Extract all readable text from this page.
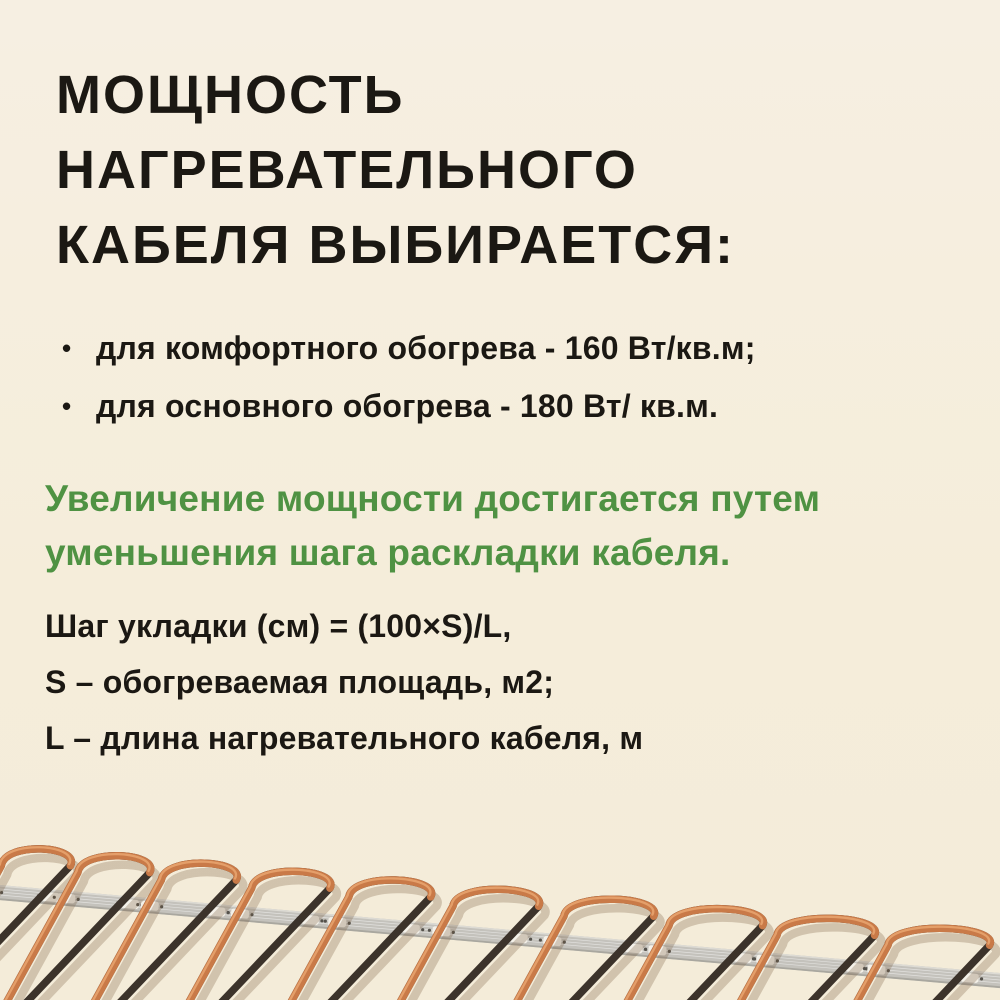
МОЩНОСТЬ
НАГРЕВАТЕЛЬНОГО
КАБЕЛЯ ВЫБИРАЕТСЯ:
• для комфортного обогрева - 160 Вт/кв.м;
• для основного обогрева - 180 Вт/ кв.м.

Увеличение мощности достигается путем
уменьшения шага раскладки кабеля.

Шаг укладки (см) = (100×S)/L,

S – обогреваемая площадь, м2;

L – длина нагревательного кабеля, м
